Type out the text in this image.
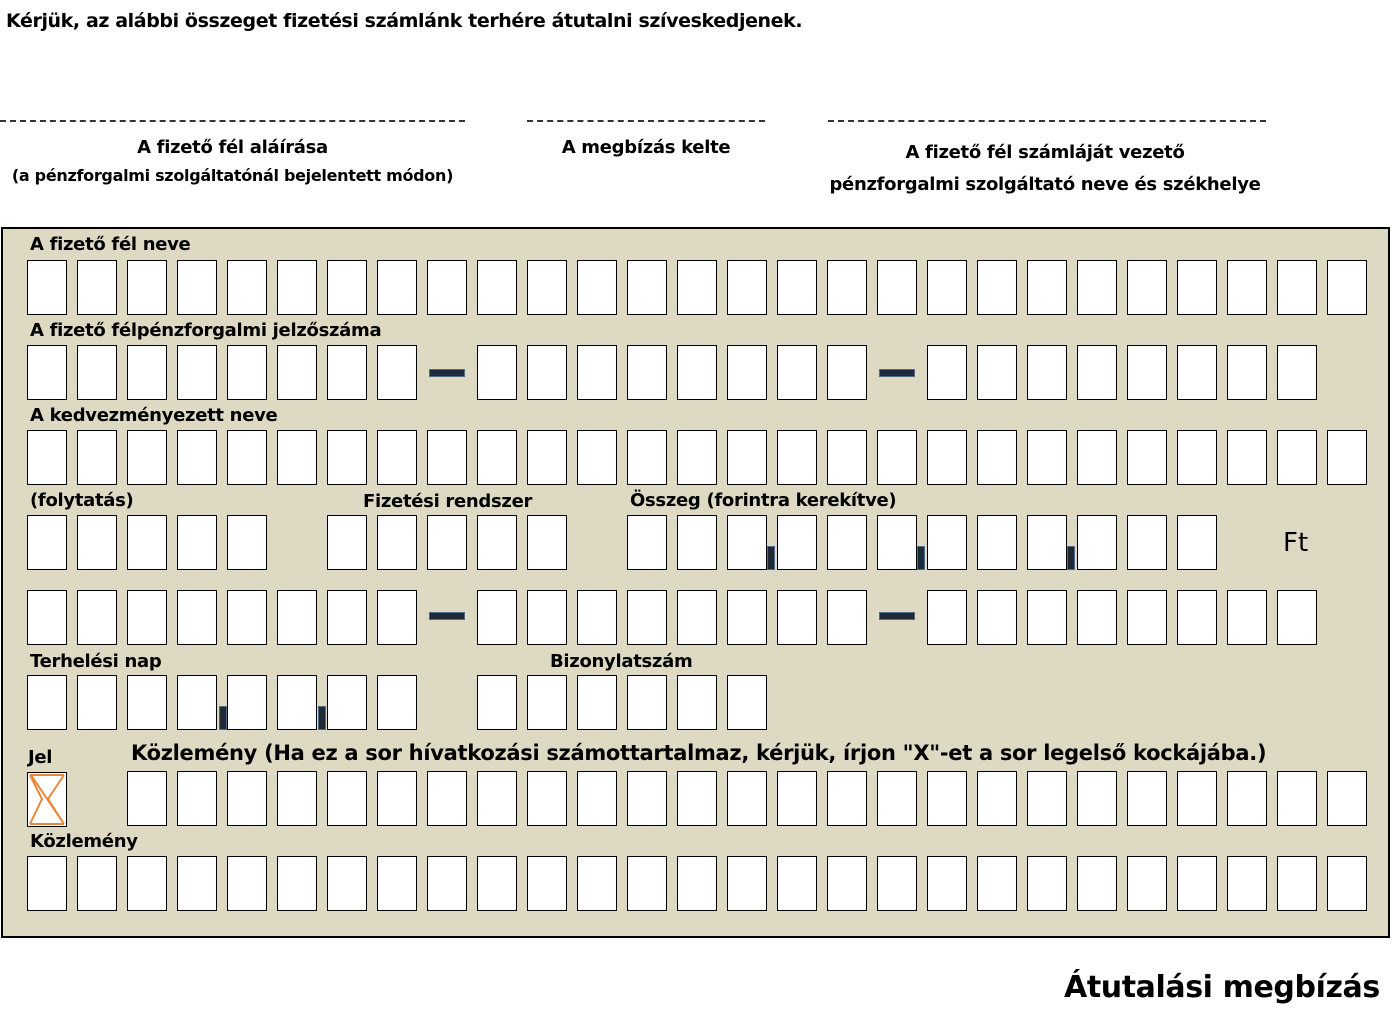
Kérjük, az alábbi összeget fizetési számlánk terhére átutalni szíveskedjenek.
A fizető fél aláírása
(a pénzforgalmi szolgáltatónál bejelentett módon)
A megbízás kelte	A fizető fél számláját vezető
pénzforgalmi szolgáltató neve és székhelye
A fizető fél neve
A fizető félpénzforgalmi jelzőszáma
A kedvezményezett neve
(folytatás)	Fizetési rendszer	Összeg (forintra kerekítve)
Ft
Terhelési nap	Bizonylatszám
Jel	Közlemény (Ha ez a sor hívatkozási számottartalmaz, kérjük, írjon "X"-et a sor legelső kockájába.)
Közlemény
Átutalási megbízás
